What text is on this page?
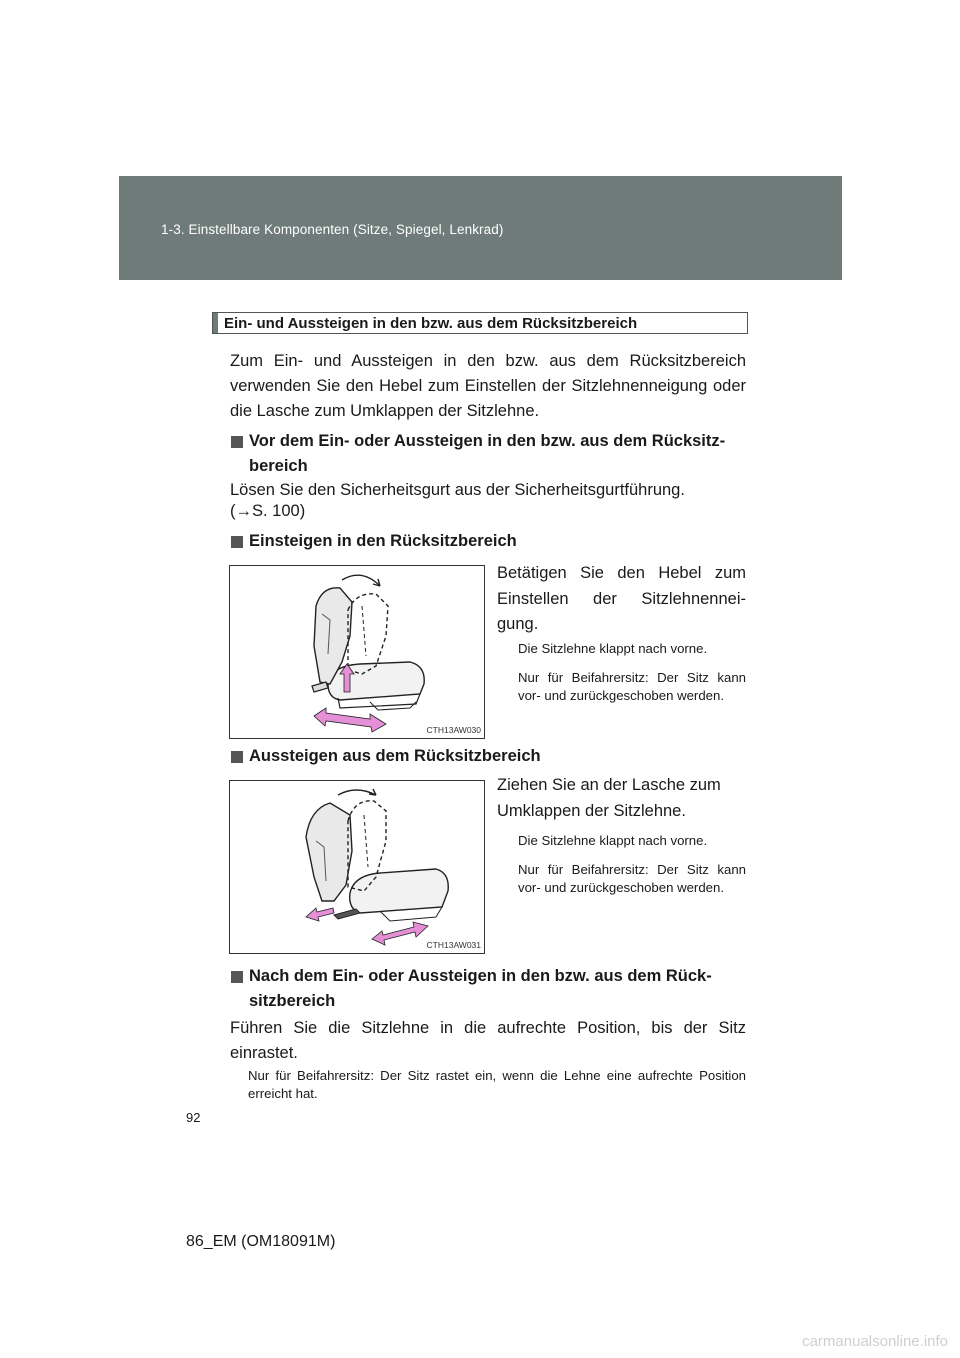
1-3. Einstellbare Komponenten (Sitze, Spiegel, Lenkrad)
Ein- und Aussteigen in den bzw. aus dem Rücksitzbereich
Zum Ein- und Aussteigen in den bzw. aus dem Rücksitzbereich verwenden Sie den Hebel zum Einstellen der Sitzlehnenneigung oder die Lasche zum Umklappen der Sitzlehne.
Vor dem Ein- oder Aussteigen in den bzw. aus dem Rücksitz-
bereich
Lösen Sie den Sicherheitsgurt aus der Sicherheitsgurtführung.
(→S. 100)
Einsteigen in den Rücksitzbereich
CTH13AW030
Betätigen Sie den Hebel zum Einstellen der Sitzlehnennei-gung.
Die Sitzlehne klappt nach vorne.
Nur für Beifahrersitz: Der Sitz kann vor- und zurückgeschoben werden.
Aussteigen aus dem Rücksitzbereich
CTH13AW031
Ziehen Sie an der Lasche zum Umklappen der Sitzlehne.
Die Sitzlehne klappt nach vorne.
Nur für Beifahrersitz: Der Sitz kann vor- und zurückgeschoben werden.
Nach dem Ein- oder Aussteigen in den bzw. aus dem Rück-
sitzbereich
Führen Sie die Sitzlehne in die aufrechte Position, bis der Sitz einrastet.
Nur für Beifahrersitz: Der Sitz rastet ein, wenn die Lehne eine aufrechte Position erreicht hat.
92
86_EM (OM18091M)
carmanualsonline.info
